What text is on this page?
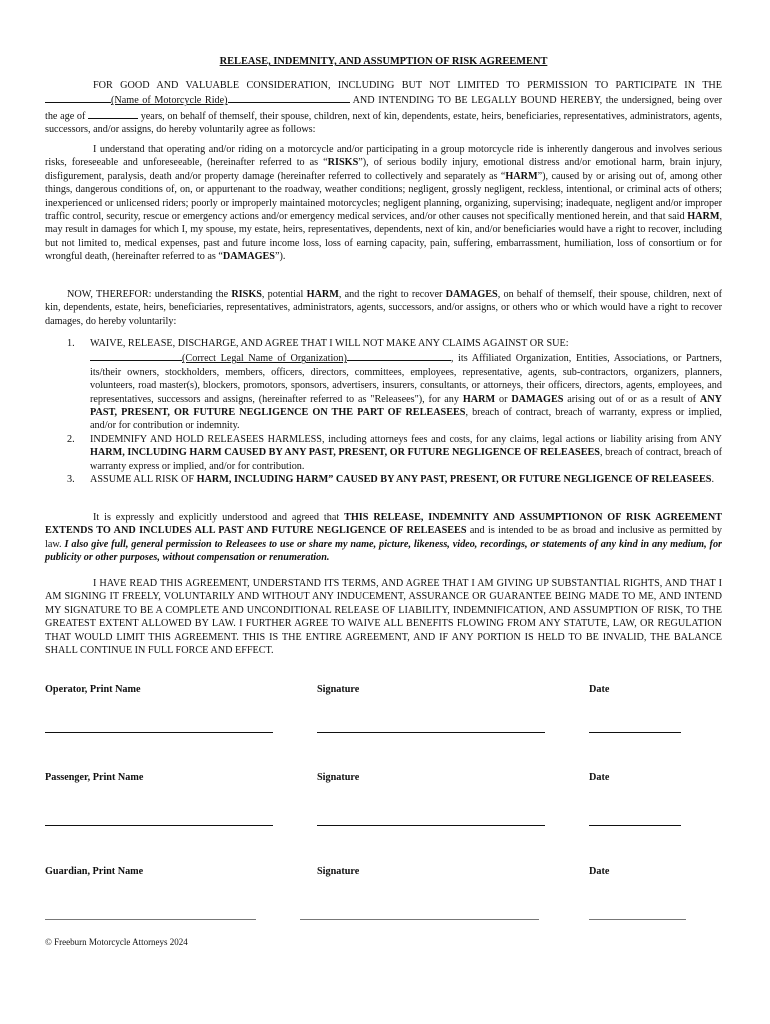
RELEASE, INDEMNITY, AND ASSUMPTION OF RISK AGREEMENT

FOR GOOD AND VALUABLE CONSIDERATION, INCLUDING BUT NOT LIMITED TO PERMISSION TO PARTICIPATE IN THE (Name of Motorcycle Ride)	AND INTENDING TO BE LEGALLY BOUND HEREBY, the undersigned, being over the age of	years, on behalf of themself, their spouse, children, next of kin, dependents, estate, heirs, beneficiaries, representatives, administrators, agents, successors, and/or assigns, do hereby voluntarily agree as follows:

I understand that operating and/or riding on a motorcycle and/or participating in a group motorcycle ride is inherently dangerous and involves serious risks, foreseeable and unforeseeable, (hereinafter referred to as “RISKS”), of serious bodily injury, emotional distress and/or emotional harm, brain injury, disfigurement, paralysis, death and/or property damage (hereinafter referred to collectively and separately as “HARM”), caused by or arising out of, among other things, dangerous conditions of, on, or appurtenant to the roadway, weather conditions; negligent, grossly negligent, reckless, intentional, or criminal acts of others; inexperienced or unlicensed riders; poorly or improperly maintained motorcycles; negligent planning, organizing, supervising; inadequate, negligent and/or improper traffic control, security, rescue or emergency actions and/or emergency medical services, and/or other causes not specifically mentioned herein, and that said HARM, may result in damages for which I, my spouse, my estate, heirs, representatives, dependents, next of kin, and/or beneficiaries would have a right to recover, including but not limited to, medical expenses, past and future income loss, loss of earning capacity, pain, suffering, embarrassment, humiliation, loss of consortium or for wrongful death, (hereinafter referred to as “DAMAGES”).

NOW, THEREFOR: understanding the RISKS, potential HARM, and the right to recover DAMAGES, on behalf of themself, their spouse, children, next of kin, dependents, estate, heirs, beneficiaries, representatives, administrators, agents, successors, and/or assigns, or others who or which would have a right to recover damages, do hereby voluntarily:

1. WAIVE, RELEASE, DISCHARGE, AND AGREE THAT I WILL NOT MAKE ANY CLAIMS AGAINST OR SUE:
(Correct Legal Name of Organization)	, its Affiliated Organization, Entities, Associations, or Partners, its/their owners, stockholders, members, officers, directors, committees, employees, representative, agents, sub-contractors, organizers, planners, volunteers, road master(s), blockers, promotors, sponsors, advertisers, insurers, consultants, or attorneys, their officers, directors, agents, employees, and representatives, successors and assigns, (hereinafter referred to as "Releasees"), for any HARM or DAMAGES arising out of or as a result of ANY PAST, PRESENT, OR FUTURE NEGLIGENCE ON THE PART OF RELEASEES, breach of contract, breach of warranty, express or implied, and/or for contribution or indemnity.
2. INDEMNIFY AND HOLD RELEASEES HARMLESS, including attorneys fees and costs, for any claims, legal actions or liability arising from ANY HARM, INCLUDING HARM CAUSED BY ANY PAST, PRESENT, OR FUTURE NEGLIGENCE OF RELEASEES, breach of contract, breach of warranty express or implied, and/or for contribution.
3. ASSUME ALL RISK OF HARM, INCLUDING HARM” CAUSED BY ANY PAST, PRESENT, OR FUTURE NEGLIGENCE OF RELEASEES.

It is expressly and explicitly understood and agreed that THIS RELEASE, INDEMNITY AND ASSUMPTIONON OF RISK AGREEMENT EXTENDS TO AND INCLUDES ALL PAST AND FUTURE NEGLIGENCE OF RELEASEES and is intended to be as broad and inclusive as permitted by law. I also give full, general permission to Releasees to use or share my name, picture, likeness, video, recordings, or statements of any kind in any medium, for publicity or other purposes, without compensation or renumeration.

I HAVE READ THIS AGREEMENT, UNDERSTAND ITS TERMS, AND AGREE THAT I AM GIVING UP SUBSTANTIAL RIGHTS, AND THAT I AM SIGNING IT FREELY, VOLUNTARILY AND WITHOUT ANY INDUCEMENT, ASSURANCE OR GUARANTEE BEING MADE TO ME, AND INTEND MY SIGNATURE TO BE A COMPLETE AND UNCONDITIONAL RELEASE OF LIABILITY, INDEMNIFICATION, AND ASSUMPTION OF RISK, TO THE GREATEST EXTENT ALLOWED BY LAW. I FURTHER AGREE TO WAIVE ALL BENEFITS FLOWING FROM ANY STATUTE, LAW, OR REGULATION THAT WOULD LIMIT THIS AGREEMENT. THIS IS THE ENTIRE AGREEMENT, AND IF ANY PORTION IS HELD TO BE INVALID, THE BALANCE SHALL CONTINUE IN FULL FORCE AND EFFECT.

Operator, Print Name	Signature	Date
Passenger, Print Name	Signature	Date
Guardian, Print Name	Signature	Date
© Freeburn Motorcycle Attorneys 2024
